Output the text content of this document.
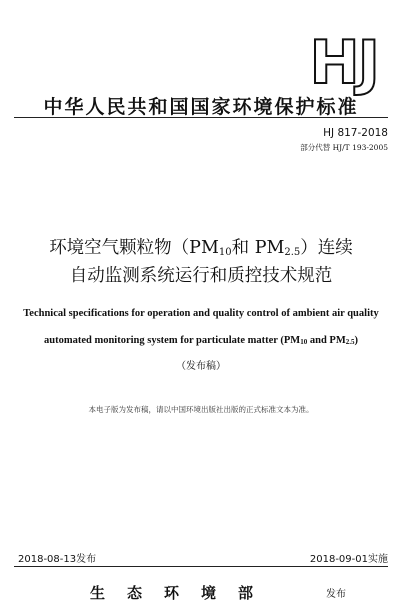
HJ
中华人民共和国国家环境保护标准
HJ 817-2018
部分代替 HJ/T 193-2005
环境空气颗粒物（$PM_{10}$和 $PM_{2.5}$）连续
自动监测系统运行和质控技术规范
Technical specifications for operation and quality control of ambient air quality
automated monitoring system for particulate matter ($PM_{10}$ and $PM_{2.5}$)
（发布稿）
本电子版为发布稿，请以中国环境出版社出版的正式标准文本为准。
2018-08-13发布	2018-09-01实施
生态环境部	发布
